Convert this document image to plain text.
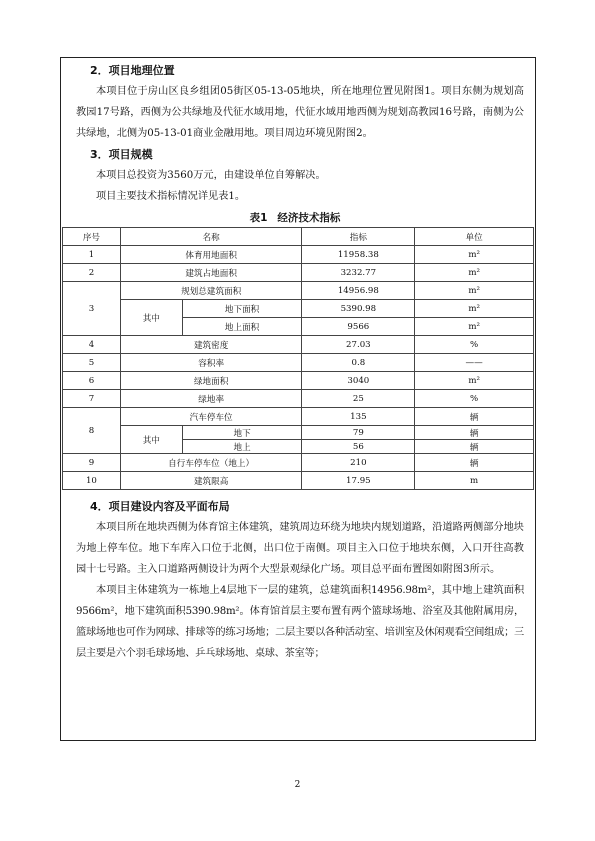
2．项目地理位置

本项目位于房山区良乡组团05街区05-13-05地块，所在地理位置见附图1。项目东侧为规划高教园17号路，西侧为公共绿地及代征水域用地，代征水域用地西侧为规划高教园16号路，南侧为公共绿地，北侧为05-13-01商业金融用地。项目周边环境见附图2。

3．项目规模

本项目总投资为3560万元，由建设单位自筹解决。

项目主要技术指标情况详见表1。

表1 经济技术指标
序号	名称		指标	单位
1	体育用地面积		11958.38	m²
2	建筑占地面积		3232.77	m²
3	规划总建筑面积		14956.98	m²
	其中	地下面积	5390.98	m²
		地上面积	9566	m²
4	建筑密度		27.03	%
5	容积率		0.8	——
6	绿地面积		3040	m²
7	绿地率		25	%
8	汽车停车位		135	辆
	其中	地下	79	辆
		地上	56	辆
9	自行车停车位（地上）		210	辆
10	建筑限高		17.95	m
4．项目建设内容及平面布局

本项目所在地块西侧为体育馆主体建筑，建筑周边环绕为地块内规划道路，沿道路两侧部分地块为地上停车位。地下车库入口位于北侧，出口位于南侧。项目主入口位于地块东侧，入口开往高教园十七号路。主入口道路两侧设计为两个大型景观绿化广场。项目总平面布置图如附图3所示。

本项目主体建筑为一栋地上4层地下一层的建筑，总建筑面积14956.98m²，其中地上建筑面积9566m²，地下建筑面积5390.98m²。体育馆首层主要布置有两个篮球场地、浴室及其他附属用房，篮球场地也可作为网球、排球等的练习场地；二层主要以各种活动室、培训室及休闲观看空间组成；三层主要是六个羽毛球场地、乒乓球场地、桌球、茶室等；

2
